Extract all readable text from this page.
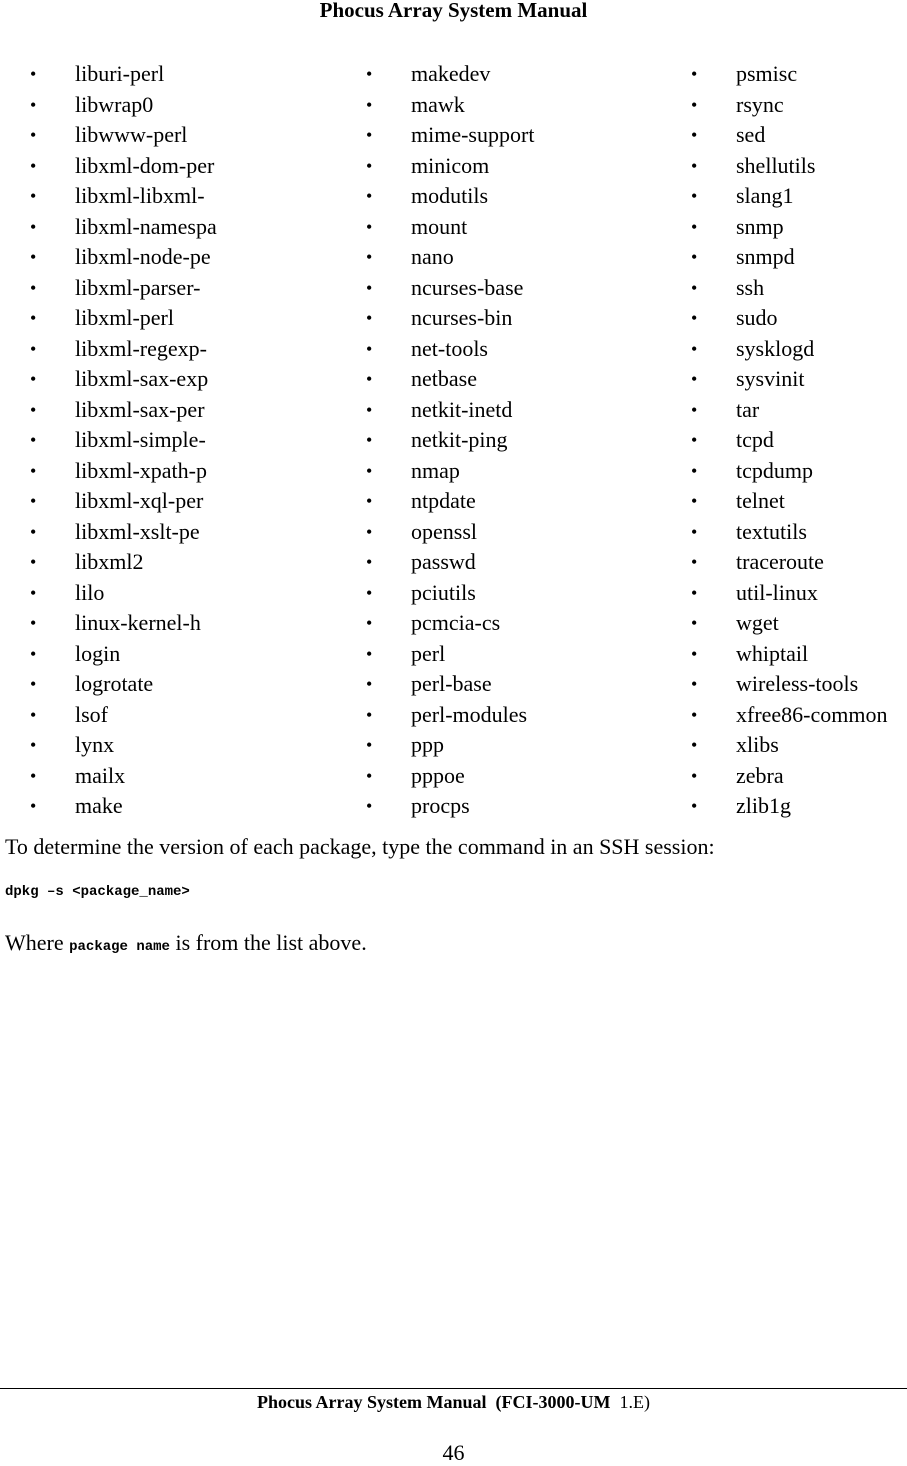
Phocus Array System Manual
• liburi-perl
• libwrap0
• libwww-perl
• libxml-dom-per
• libxml-libxml-
• libxml-namespa
• libxml-node-pe
• libxml-parser-
• libxml-perl
• libxml-regexp-
• libxml-sax-exp
• libxml-sax-per
• libxml-simple-
• libxml-xpath-p
• libxml-xql-per
• libxml-xslt-pe
• libxml2
• lilo
• linux-kernel-h
• login
• logrotate
• lsof
• lynx
• mailx
• make
• makedev
• mawk
• mime-support
• minicom
• modutils
• mount
• nano
• ncurses-base
• ncurses-bin
• net-tools
• netbase
• netkit-inetd
• netkit-ping
• nmap
• ntpdate
• openssl
• passwd
• pciutils
• pcmcia-cs
• perl
• perl-base
• perl-modules
• ppp
• pppoe
• procps
• psmisc
• rsync
• sed
• shellutils
• slang1
• snmp
• snmpd
• ssh
• sudo
• sysklogd
• sysvinit
• tar
• tcpd
• tcpdump
• telnet
• textutils
• traceroute
• util-linux
• wget
• whiptail
• wireless-tools
• xfree86-common
• xlibs
• zebra
• zlib1g
To determine the version of each package, type the command in an SSH session:
dpkg –s <package_name>
Where package name is from the list above.
Phocus Array System Manual (FCI-3000-UM 1.E)
46
